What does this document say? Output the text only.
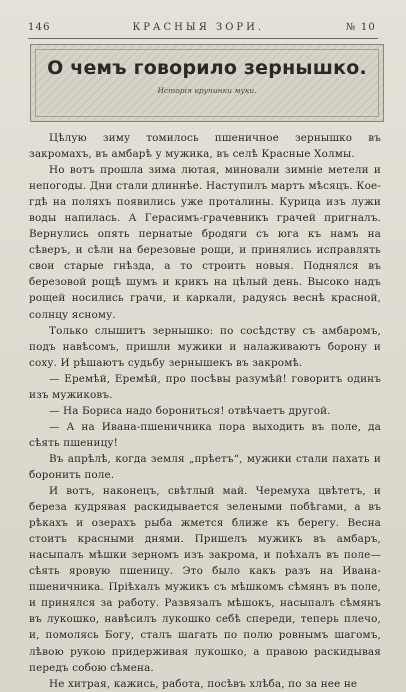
146	КРАСНЫЯ ЗОРИ.	№ 10
О чемъ говорило зернышко.
Исторія крупинки муки.

Цѣлую зиму томилось пшеничное зернышко въ закромахъ, въ амбарѣ у мужика, въ селѣ Красные Холмы.

Но вотъ прошла зима лютая, миновали зимніе метели и непогоды. Дни стали длиннѣе. Наступилъ мартъ мѣсяцъ. Кое-гдѣ на поляхъ появились уже проталины. Курица изъ лужи воды напилась. А Герасимъ-грачевникъ грачей пригналъ. Вернулись опять пернатые бродяги съ юга къ намъ на сѣверъ, и сѣли на березовые рощи, и принялись исправлять свои старые гнѣзда, а то строить новыя. Поднялся въ березовой рощѣ шумъ и крикъ на цѣлый день. Высоко надъ рощей носились грачи, и каркали, радуясь веснѣ красной, солнцу ясному.

Только слышитъ зернышко: по сосѣдству съ амбаромъ, подъ навѣсомъ, пришли мужики и налаживаютъ борону и соху. И рѣшаютъ судьбу зернышекъ въ закромѣ.

— Еремѣй, Еремѣй, про посѣвы разумѣй! говоритъ одинъ изъ мужиковъ.

— На Бориса надо борониться! отвѣчаетъ другой.

— А на Ивана-пшеничника пора выходить въ поле, да сѣять пшеницу!

Въ апрѣлѣ, когда земля „прѣетъ“, мужики стали пахать и боронить поле.

И вотъ, наконецъ, свѣтлый май. Черемуха цвѣтетъ, и береза кудрявая раскидывается зелеными побѣгами, а въ рѣкахъ и озерахъ рыба жмется ближе къ берегу. Весна стоитъ красными днями. Пришелъ мужикъ въ амбаръ, насыпалъ мѣшки зерномъ изъ закрома, и поѣхалъ въ поле—сѣять яровую пшеницу. Это было какъ разъ на Ивана-пшеничника. Пріѣхалъ мужикъ съ мѣшкомъ сѣмянъ въ поле, и принялся за работу. Развязалъ мѣшокъ, насыпалъ сѣмянъ въ лукошко, навѣсилъ лукошко себѣ спереди, теперь плечо, и, помолясь Богу, сталъ шагать по полю ровнымъ шагомъ, лѣвою рукою придерживая лукошко, а правою раскидывая передъ собою сѣмена.

Не хитрая, кажись, работа, посѣвъ хлѣба, по за нее не
